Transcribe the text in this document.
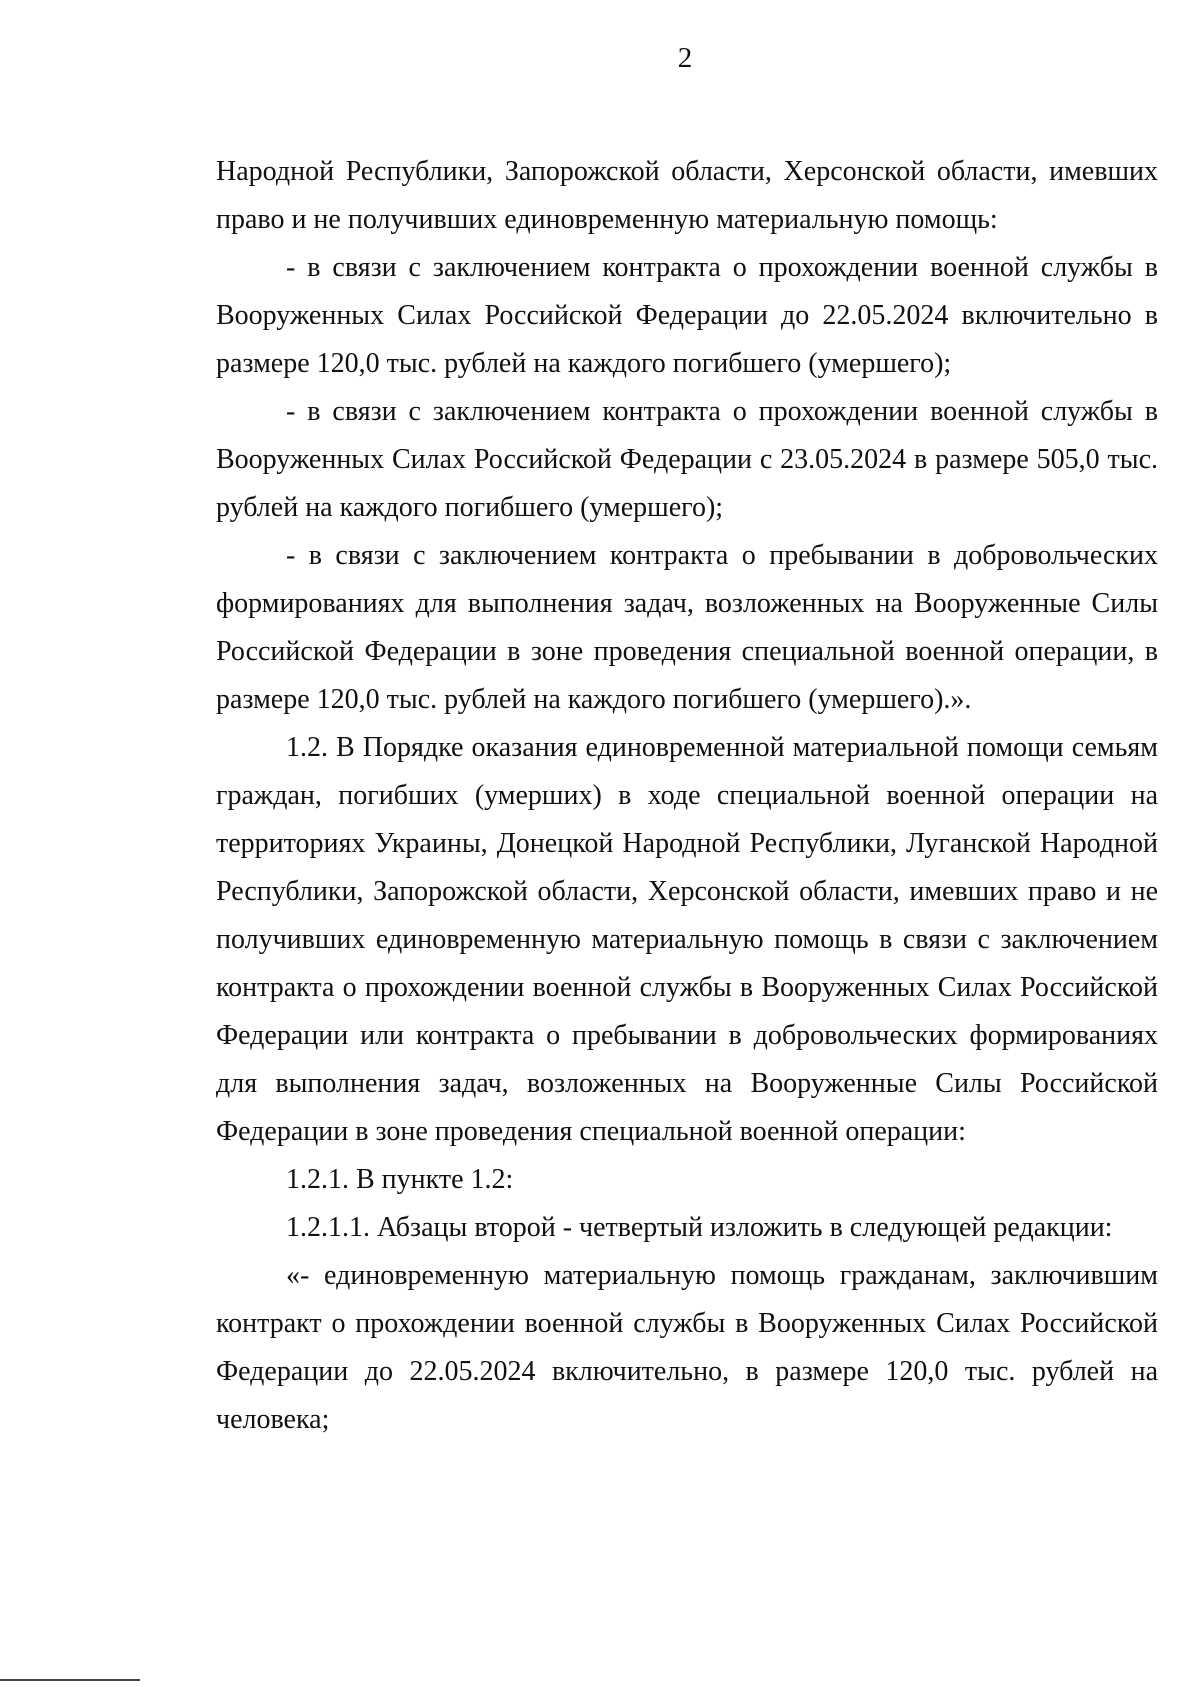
2

Народной Республики, Запорожской области, Херсонской области, имевших право и не получивших единовременную материальную помощь:

- в связи с заключением контракта о прохождении военной службы в Вооруженных Силах Российской Федерации до 22.05.2024 включительно в размере 120,0 тыс. рублей на каждого погибшего (умершего);

- в связи с заключением контракта о прохождении военной службы в Вооруженных Силах Российской Федерации с 23.05.2024 в размере 505,0 тыс. рублей на каждого погибшего (умершего);

- в связи с заключением контракта о пребывании в добровольческих формированиях для выполнения задач, возложенных на Вооруженные Силы Российской Федерации в зоне проведения специальной военной операции, в размере 120,0 тыс. рублей на каждого погибшего (умершего).».

1.2. В Порядке оказания единовременной материальной помощи семьям граждан, погибших (умерших) в ходе специальной военной операции на территориях Украины, Донецкой Народной Республики, Луганской Народной Республики, Запорожской области, Херсонской области, имевших право и не получивших единовременную материальную помощь в связи с заключением контракта о прохождении военной службы в Вооруженных Силах Российской Федерации или контракта о пребывании в добровольческих формированиях для выполнения задач, возложенных на Вооруженные Силы Российской Федерации в зоне проведения специальной военной операции:

1.2.1. В пункте 1.2:

1.2.1.1. Абзацы второй - четвертый изложить в следующей редакции:

«- единовременную материальную помощь гражданам, заключившим контракт о прохождении военной службы в Вооруженных Силах Российской Федерации до 22.05.2024 включительно, в размере 120,0 тыс. рублей на человека;
